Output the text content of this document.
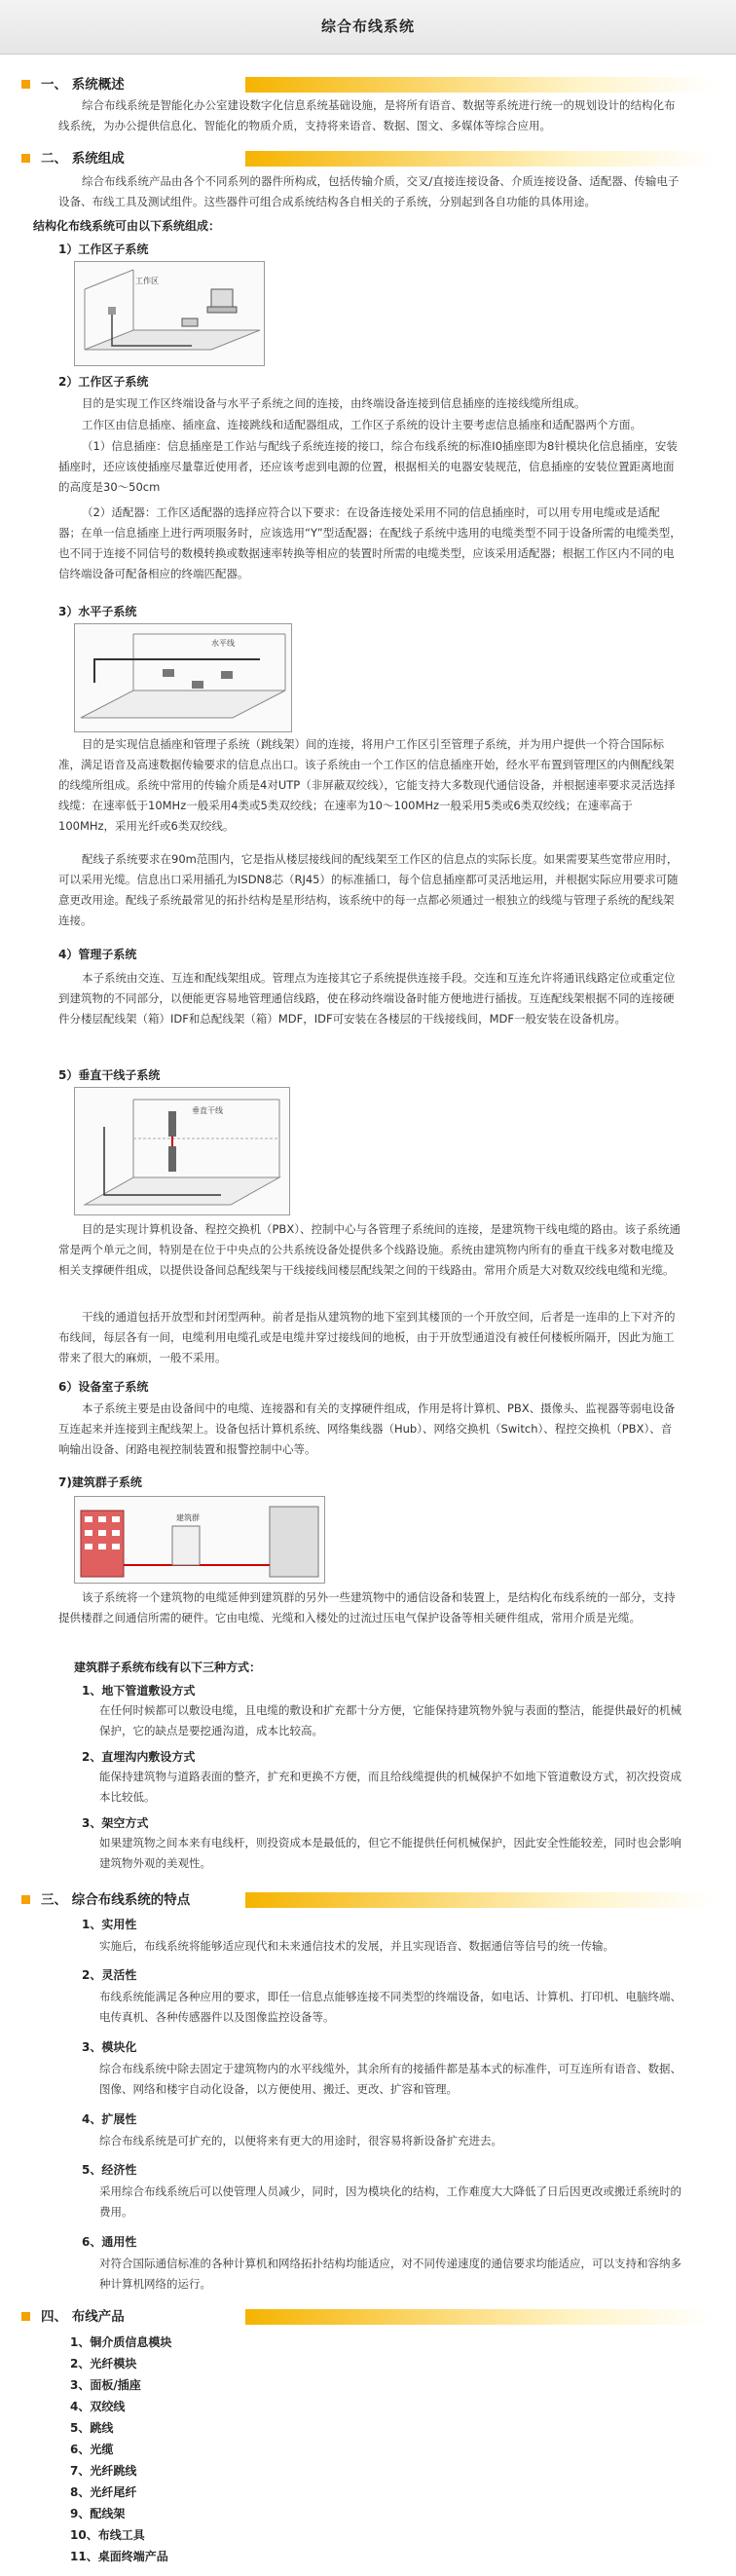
综合布线系统
一、 系统概述
综合布线系统是智能化办公室建设数字化信息系统基础设施，是将所有语音、数据等系统进行统一的规划设计的结构化布线系统，为办公提供信息化、智能化的物质介质，支持将来语音、数据、图文、多媒体等综合应用。
二、 系统组成
综合布线系统产品由各个不同系列的器件所构成，包括传输介质，交叉/直接连接设备、介质连接设备、适配器、传输电子设备、布线工具及测试组件。这些器件可组合成系统结构各自相关的子系统，分别起到各自功能的具体用途。
结构化布线系统可由以下系统组成：
1）工作区子系统
工作区
2）工作区子系统
目的是实现工作区终端设备与水平子系统之间的连接，由终端设备连接到信息插座的连接线缆所组成。
工作区由信息插座、插座盒、连接跳线和适配器组成，工作区子系统的设计主要考虑信息插座和适配器两个方面。
（1）信息插座：信息插座是工作站与配线子系统连接的接口，综合布线系统的标准I0插座即为8针模块化信息插座，安装插座时，还应该使插座尽量靠近使用者，还应该考虑到电源的位置，根据相关的电器安装规范，信息插座的安装位置距离地面的高度是30～50cm
（2）适配器：工作区适配器的选择应符合以下要求：在设备连接处采用不同的信息插座时，可以用专用电缆或是适配器；在单一信息插座上进行两项服务时，应该选用“Y”型适配器；在配线子系统中选用的电缆类型不同于设备所需的电缆类型，也不同于连接不同信号的数模转换或数据速率转换等相应的装置时所需的电缆类型，应该采用适配器；根据工作区内不同的电信终端设备可配备相应的终端匹配器。
3）水平子系统
水平线
目的是实现信息插座和管理子系统（跳线架）间的连接，将用户工作区引至管理子系统，并为用户提供一个符合国际标准，满足语音及高速数据传输要求的信息点出口。该子系统由一个工作区的信息插座开始，经水平布置到管理区的内侧配线架的线缆所组成。系统中常用的传输介质是4对UTP（非屏蔽双绞线），它能支持大多数现代通信设备，并根据速率要求灵活选择线缆：在速率低于10MHz一般采用4类或5类双绞线；在速率为10～100MHz一般采用5类或6类双绞线；在速率高于100MHz，采用光纤或6类双绞线。
配线子系统要求在90m范围内，它是指从楼层接线间的配线架至工作区的信息点的实际长度。如果需要某些宽带应用时，可以采用光缆。信息出口采用插孔为ISDN8芯（RJ45）的标准插口，每个信息插座都可灵活地运用，并根据实际应用要求可随意更改用途。配线子系统最常见的拓扑结构是星形结构，该系统中的每一点都必须通过一根独立的线缆与管理子系统的配线架连接。
4）管理子系统
本子系统由交连、互连和配线架组成。管理点为连接其它子系统提供连接手段。交连和互连允许将通讯线路定位或重定位到建筑物的不同部分，以便能更容易地管理通信线路，使在移动终端设备时能方便地进行插拔。互连配线架根据不同的连接硬件分楼层配线架（箱）IDF和总配线架（箱）MDF，IDF可安装在各楼层的干线接线间，MDF一般安装在设备机房。
5）垂直干线子系统
垂直干线
目的是实现计算机设备、程控交换机（PBX）、控制中心与各管理子系统间的连接，是建筑物干线电缆的路由。该子系统通常是两个单元之间，特别是在位于中央点的公共系统设备处提供多个线路设施。系统由建筑物内所有的垂直干线多对数电缆及相关支撑硬件组成，以提供设备间总配线架与干线接线间楼层配线架之间的干线路由。常用介质是大对数双绞线电缆和光缆。
干线的通道包括开放型和封闭型两种。前者是指从建筑物的地下室到其楼顶的一个开放空间，后者是一连串的上下对齐的布线间，每层各有一间，电缆利用电缆孔或是电缆井穿过接线间的地板，由于开放型通道没有被任何楼板所隔开，因此为施工带来了很大的麻烦，一般不采用。
6）设备室子系统
本子系统主要是由设备间中的电缆、连接器和有关的支撑硬件组成，作用是将计算机、PBX、摄像头、监视器等弱电设备互连起来并连接到主配线架上。设备包括计算机系统、网络集线器（Hub）、网络交换机（Switch）、程控交换机（PBX）、音响输出设备、闭路电视控制装置和报警控制中心等。
7)建筑群子系统
建筑群
该子系统将一个建筑物的电缆延伸到建筑群的另外一些建筑物中的通信设备和装置上，是结构化布线系统的一部分，支持提供楼群之间通信所需的硬件。它由电缆、光缆和入楼处的过流过压电气保护设备等相关硬件组成，常用介质是光缆。
建筑群子系统布线有以下三种方式：
1、地下管道敷设方式
在任何时候都可以敷设电缆，且电缆的敷设和扩充都十分方便，它能保持建筑物外貌与表面的整洁，能提供最好的机械保护，它的缺点是要挖通沟道，成本比较高。
2、直埋沟内敷设方式
能保持建筑物与道路表面的整齐，扩充和更换不方便，而且给线缆提供的机械保护不如地下管道敷设方式，初次投资成本比较低。
3、架空方式
如果建筑物之间本来有电线杆，则投资成本是最低的，但它不能提供任何机械保护，因此安全性能较差，同时也会影响建筑物外观的美观性。
三、 综合布线系统的特点
1、实用性
实施后，布线系统将能够适应现代和未来通信技术的发展，并且实现语音、数据通信等信号的统一传输。
2、灵活性
布线系统能满足各种应用的要求，即任一信息点能够连接不同类型的终端设备，如电话、计算机、打印机、电脑终端、电传真机、各种传感器件以及图像监控设备等。
3、模块化
综合布线系统中除去固定于建筑物内的水平线缆外，其余所有的接插件都是基本式的标准件，可互连所有语音、数据、图像、网络和楼宇自动化设备，以方便使用、搬迁、更改、扩容和管理。
4、扩展性
综合布线系统是可扩充的，以便将来有更大的用途时，很容易将新设备扩充进去。
5、经济性
采用综合布线系统后可以使管理人员减少，同时，因为模块化的结构，工作难度大大降低了日后因更改或搬迁系统时的费用。
6、通用性
对符合国际通信标准的各种计算机和网络拓扑结构均能适应，对不同传递速度的通信要求均能适应，可以支持和容纳多种计算机网络的运行。
四、 布线产品
1、铜介质信息模块
2、光纤模块
3、面板/插座
4、双绞线
5、跳线
6、光缆
7、光纤跳线
8、光纤尾纤
9、配线架
10、布线工具
11、桌面终端产品
